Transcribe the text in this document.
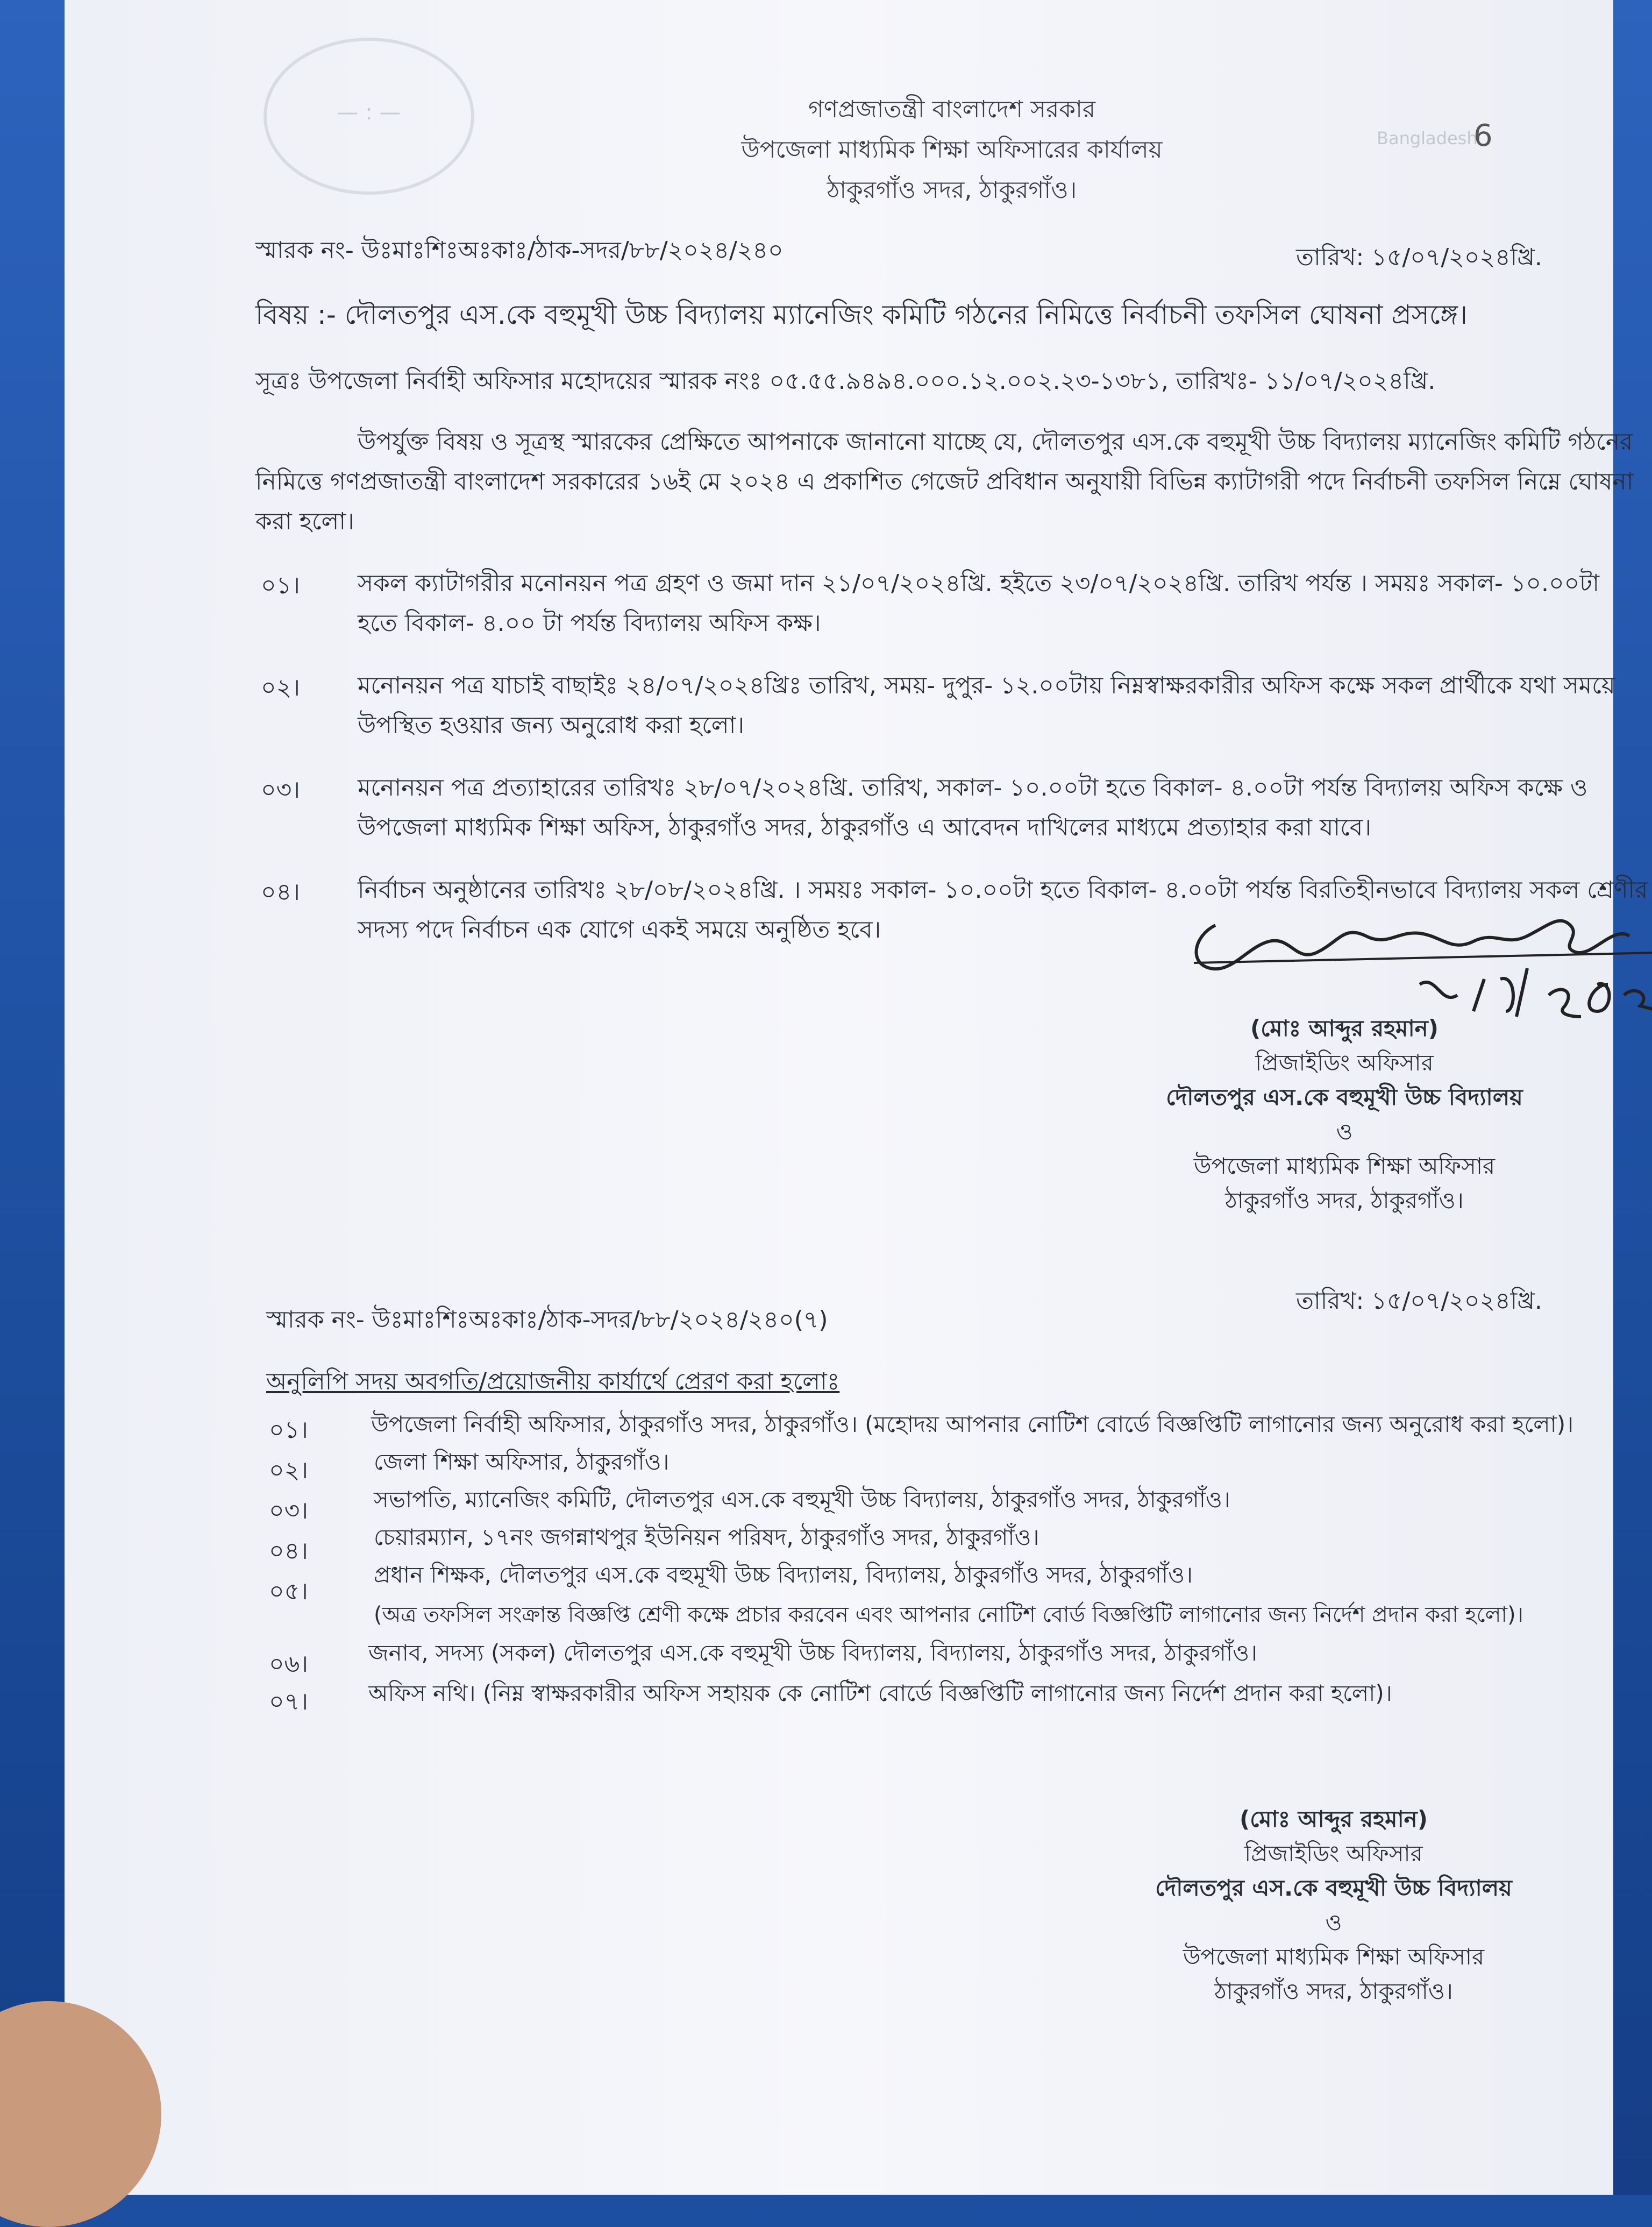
— : —	গণপ্রজাতন্ত্রী বাংলাদেশ সরকার
উপজেলা মাধ্যমিক শিক্ষা অফিসারের কার্যালয়
ঠাকুরগাঁও সদর, ঠাকুরগাঁও।
Bangladesh
6
স্মারক নং- উঃমাঃশিঃঅঃকাঃ/ঠাক-সদর/৮৮/২০২৪/২৪০	তারিখ: ১৫/০৭/২০২৪খ্রি.
বিষয় :- দৌলতপুর এস.কে বহুমূখী উচ্চ বিদ্যালয় ম্যানেজিং কমিটি গঠনের নিমিত্তে নির্বাচনী তফসিল ঘোষনা প্রসঙ্গে।
সূত্রঃ উপজেলা নির্বাহী অফিসার মহোদয়ের স্মারক নংঃ ০৫.৫৫.৯৪৯৪.০০০.১২.০০২.২৩-১৩৮১, তারিখঃ- ১১/০৭/২০২৪খ্রি.
উপর্যুক্ত বিষয় ও সূত্রস্থ স্মারকের প্রেক্ষিতে আপনাকে জানানো যাচ্ছে যে, দৌলতপুর এস.কে বহুমূখী উচ্চ বিদ্যালয় ম্যানেজিং কমিটি গঠনের নিমিত্তে গণপ্রজাতন্ত্রী বাংলাদেশ সরকারের ১৬ই মে ২০২৪ এ প্রকাশিত গেজেট প্রবিধান অনুযায়ী বিভিন্ন ক্যাটাগরী পদে নির্বাচনী তফসিল নিম্নে ঘোষনা করা হলো।
০১। সকল ক্যাটাগরীর মনোনয়ন পত্র গ্রহণ ও জমা দান ২১/০৭/২০২৪খ্রি. হইতে ২৩/০৭/২০২৪খ্রি. তারিখ পর্যন্ত । সময়ঃ সকাল- ১০.০০টা হতে বিকাল- ৪.০০ টা পর্যন্ত বিদ্যালয় অফিস কক্ষ।
০২। মনোনয়ন পত্র যাচাই বাছাইঃ ২৪/০৭/২০২৪খ্রিঃ তারিখ, সময়- দুপুর- ১২.০০টায় নিম্নস্বাক্ষরকারীর অফিস কক্ষে সকল প্রার্থীকে যথা সময়ে উপস্থিত হওয়ার জন্য অনুরোধ করা হলো।
০৩। মনোনয়ন পত্র প্রত্যাহারের তারিখঃ ২৮/০৭/২০২৪খ্রি. তারিখ, সকাল- ১০.০০টা হতে বিকাল- ৪.০০টা পর্যন্ত বিদ্যালয় অফিস কক্ষে ও উপজেলা মাধ্যমিক শিক্ষা অফিস, ঠাকুরগাঁও সদর, ঠাকুরগাঁও এ আবেদন দাখিলের মাধ্যমে প্রত্যাহার করা যাবে।
০৪। নির্বাচন অনুষ্ঠানের তারিখঃ ২৮/০৮/২০২৪খ্রি. । সময়ঃ সকাল- ১০.০০টা হতে বিকাল- ৪.০০টা পর্যন্ত বিরতিহীনভাবে বিদ্যালয় সকল শ্রেণীর সদস্য পদে নির্বাচন এক যোগে একই সময়ে অনুষ্ঠিত হবে।
(মোঃ আব্দুর রহমান)
প্রিজাইডিং অফিসার
দৌলতপুর এস.কে বহুমূখী উচ্চ বিদ্যালয়
ও
উপজেলা মাধ্যমিক শিক্ষা অফিসার
ঠাকুরগাঁও সদর, ঠাকুরগাঁও।
তারিখ: ১৫/০৭/২০২৪খ্রি.
স্মারক নং- উঃমাঃশিঃঅঃকাঃ/ঠাক-সদর/৮৮/২০২৪/২৪০(৭)
অনুলিপি সদয় অবগতি/প্রয়োজনীয় কার্যার্থে প্রেরণ করা হলোঃ
০১।	উপজেলা নির্বাহী অফিসার, ঠাকুরগাঁও সদর, ঠাকুরগাঁও। (মহোদয় আপনার নোটিশ বোর্ডে বিজ্ঞপ্তিটি লাগানোর জন্য অনুরোধ করা হলো)।
০২।	জেলা শিক্ষা অফিসার, ঠাকুরগাঁও।
০৩।	সভাপতি, ম্যানেজিং কমিটি, দৌলতপুর এস.কে বহুমূখী উচ্চ বিদ্যালয়, ঠাকুরগাঁও সদর, ঠাকুরগাঁও।
০৪।
চেয়ারম্যান, ১৭নং জগন্নাথপুর ইউনিয়ন পরিষদ, ঠাকুরগাঁও সদর, ঠাকুরগাঁও।
০৫।
প্রধান শিক্ষক, দৌলতপুর এস.কে বহুমূখী উচ্চ বিদ্যালয়, বিদ্যালয়, ঠাকুরগাঁও সদর, ঠাকুরগাঁও।
(অত্র তফসিল সংক্রান্ত বিজ্ঞপ্তি শ্রেণী কক্ষে প্রচার করবেন এবং আপনার নোটিশ বোর্ড বিজ্ঞপ্তিটি লাগানোর জন্য নির্দেশ প্রদান করা হলো)।
০৬।	জনাব, সদস্য (সকল) দৌলতপুর এস.কে বহুমূখী উচ্চ বিদ্যালয়, বিদ্যালয়, ঠাকুরগাঁও সদর, ঠাকুরগাঁও।
০৭।	অফিস নথি। (নিম্ন স্বাক্ষরকারীর অফিস সহায়ক কে নোটিশ বোর্ডে বিজ্ঞপ্তিটি লাগানোর জন্য নির্দেশ প্রদান করা হলো)।
(মোঃ আব্দুর রহমান)
প্রিজাইডিং অফিসার
দৌলতপুর এস.কে বহুমূখী উচ্চ বিদ্যালয়
ও
উপজেলা মাধ্যমিক শিক্ষা অফিসার
ঠাকুরগাঁও সদর, ঠাকুরগাঁও।
